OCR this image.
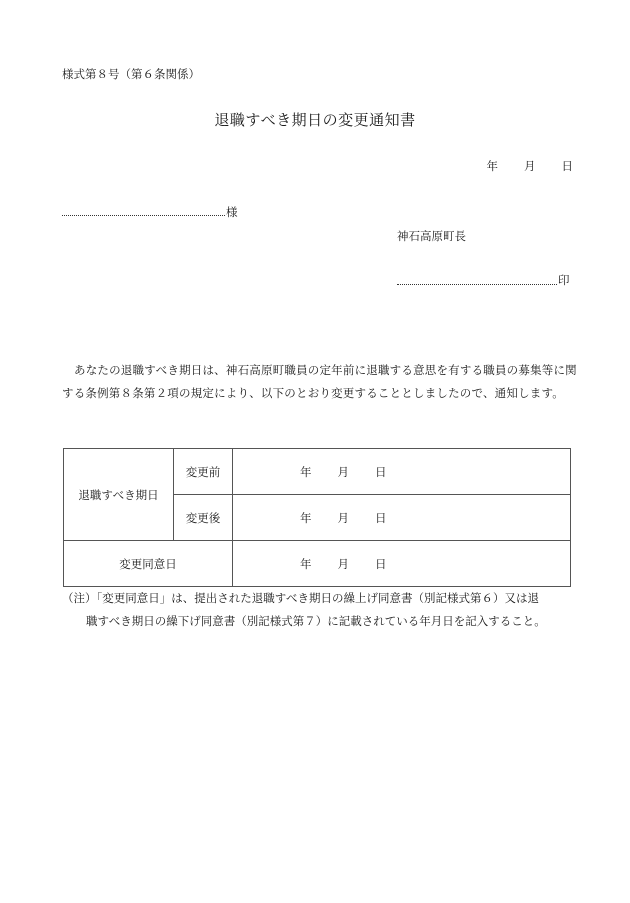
様式第８号（第６条関係）
退職すべき期日の変更通知書
年 月 日
様
神石高原町長
印
あなたの退職すべき期日は、神石高原町職員の定年前に退職する意思を有する職員の募集等に関する条例第８条第２項の規定により、以下のとおり変更することとしましたので、通知します。
退職すべき期日	変更前	年 月 日
	変更後	年 月 日
変更同意日		年 月 日
（注）「変更同意日」は、提出された退職すべき期日の繰上げ同意書（別記様式第６）又は退
職すべき期日の繰下げ同意書（別記様式第７）に記載されている年月日を記入すること。
